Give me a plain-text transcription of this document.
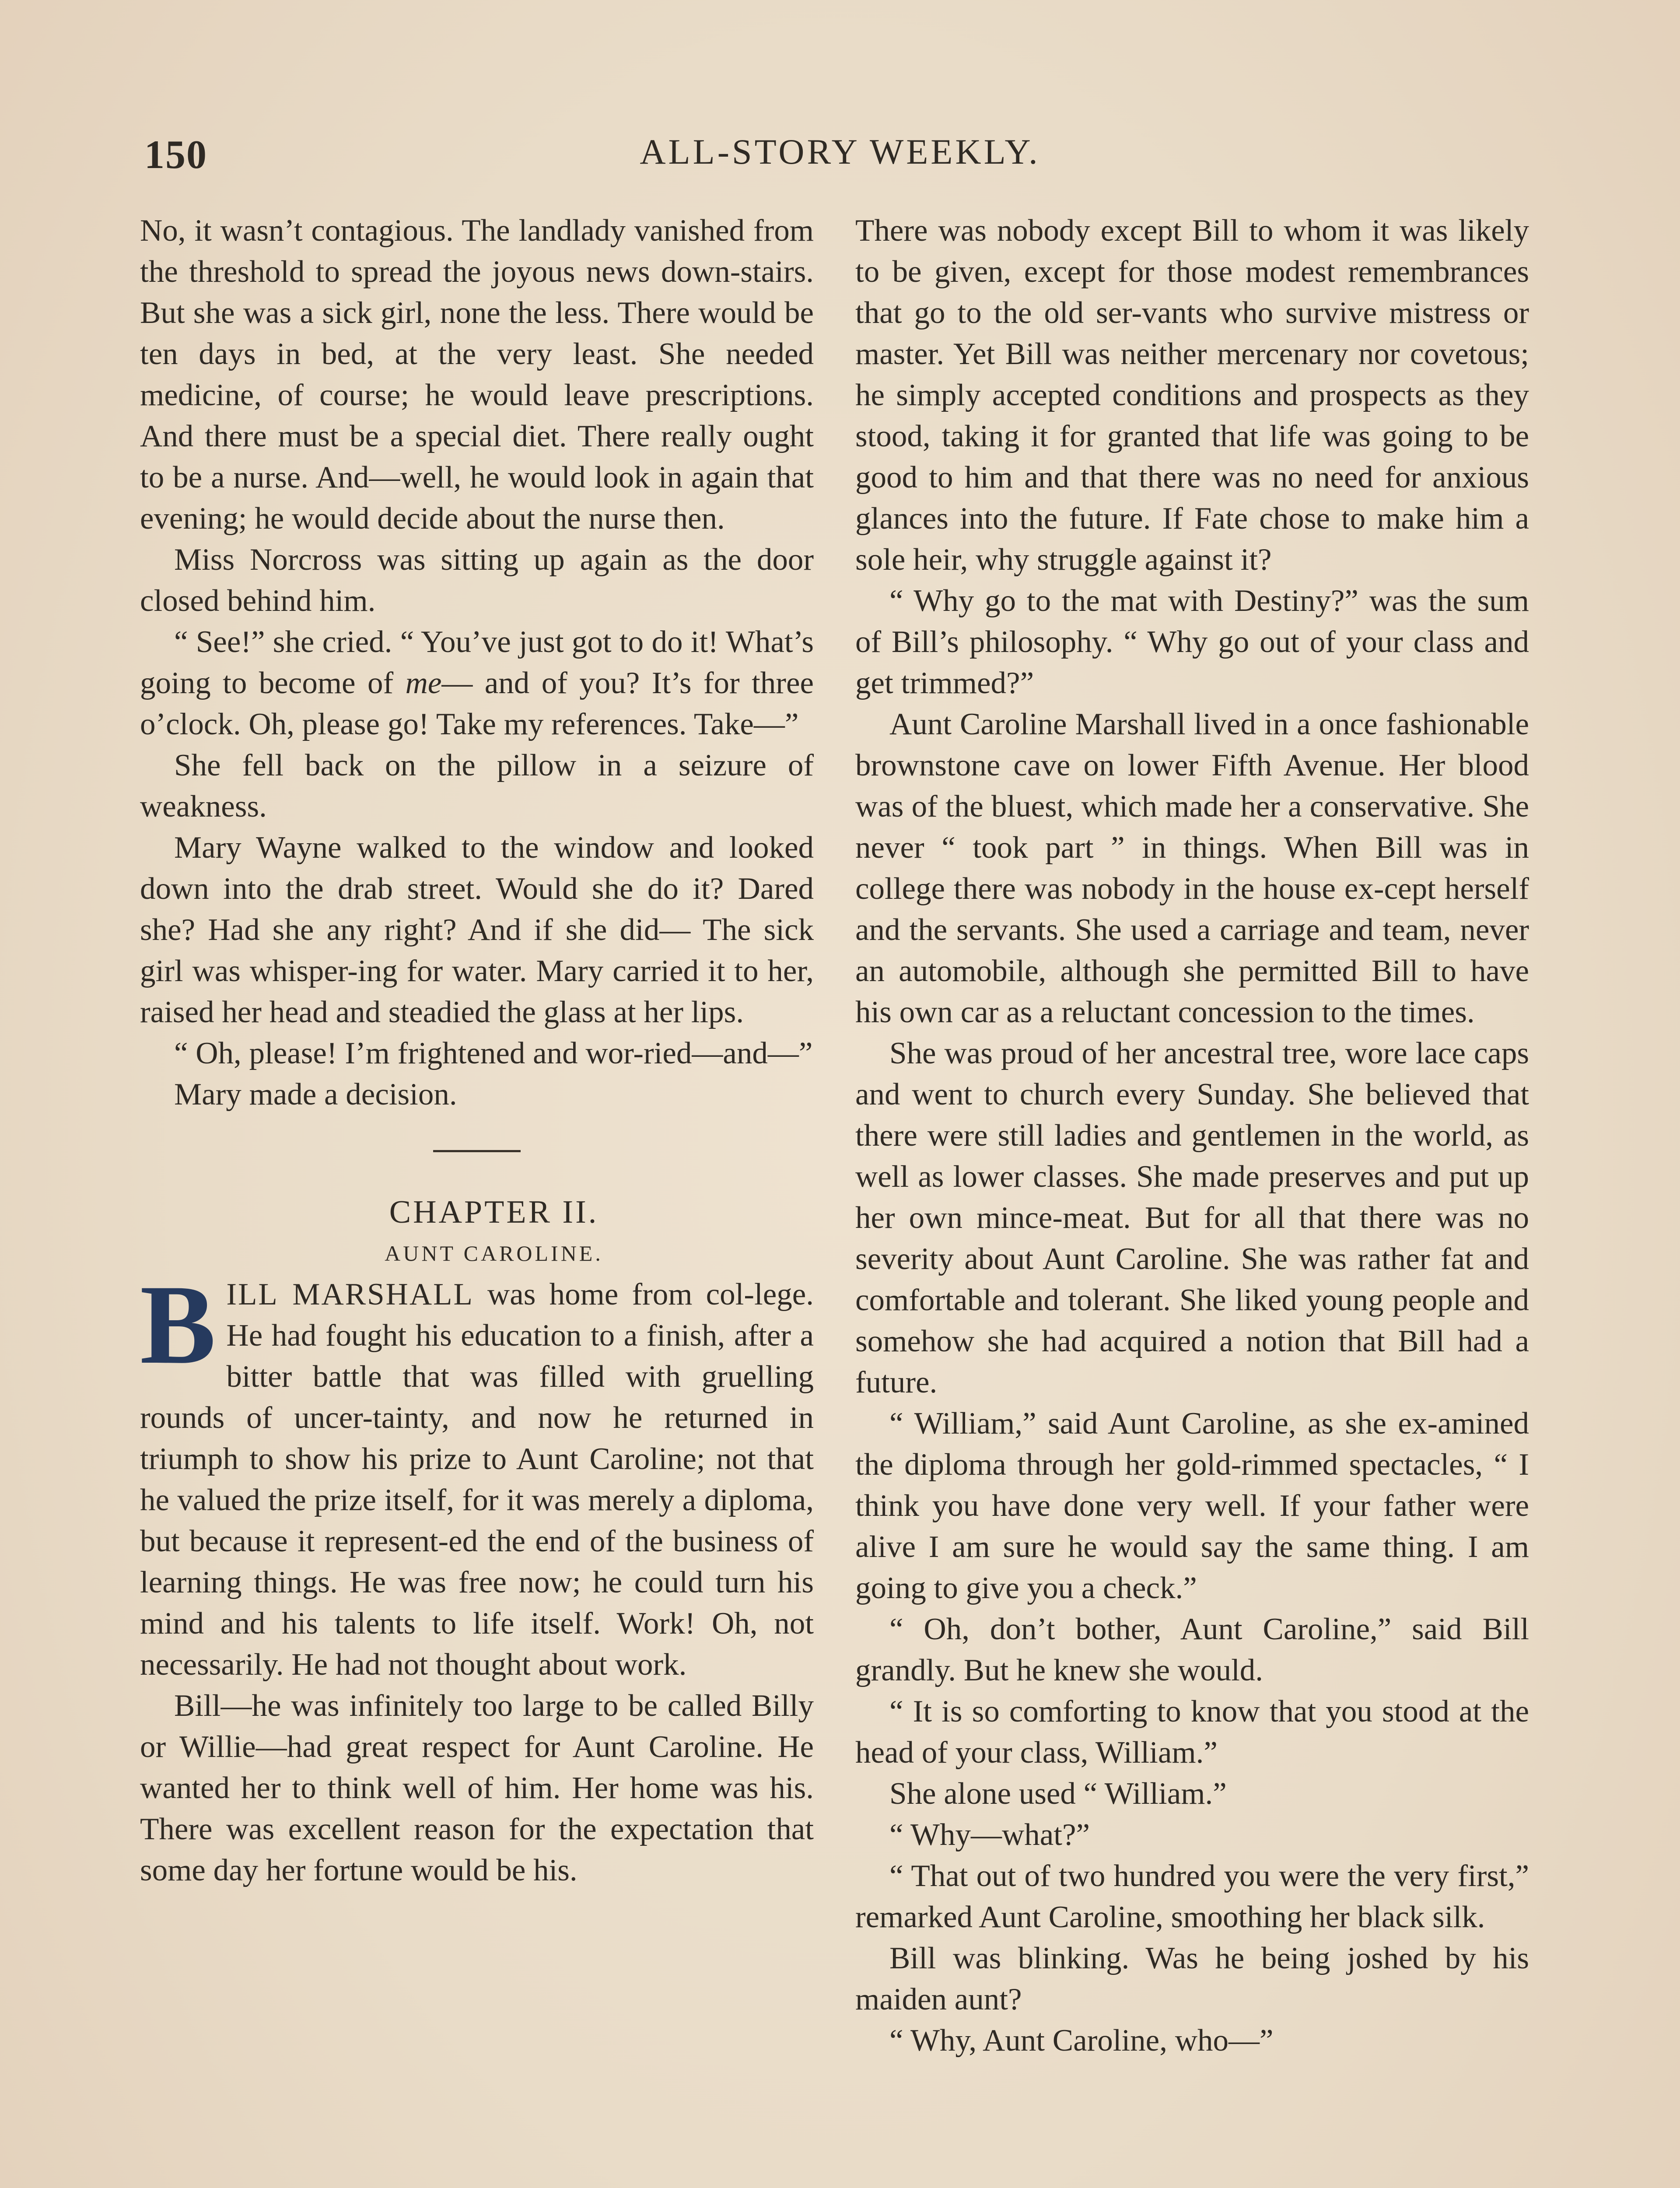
150	ALL-STORY WEEKLY.

No, it wasn’t contagious. The landlady vanished from the threshold to spread the joyous news down-stairs. But she was a sick girl, none the less. There would be ten days in bed, at the very least. She needed medicine, of course; he would leave prescriptions. And there must be a special diet. There really ought to be a nurse. And—well, he would look in again that evening; he would decide about the nurse then.

Miss Norcross was sitting up again as the door closed behind him.

“ See!” she cried. “ You’ve just got to do it! What’s going to become of me— and of you? It’s for three o’clock. Oh, please go! Take my references. Take—”

She fell back on the pillow in a seizure of weakness.

Mary Wayne walked to the window and looked down into the drab street. Would she do it? Dared she? Had she any right? And if she did— The sick girl was whisper-ing for water. Mary carried it to her, raised her head and steadied the glass at her lips.

“ Oh, please! I’m frightened and wor-ried—and—”

Mary made a decision.

CHAPTER II.

AUNT CAROLINE.

BILL MARSHALL was home from col-lege. He had fought his education to a finish, after a bitter battle that was filled with gruelling rounds of uncer-tainty, and now he returned in triumph to show his prize to Aunt Caroline; not that he valued the prize itself, for it was merely a diploma, but because it represent-ed the end of the business of learning things. He was free now; he could turn his mind and his talents to life itself. Work! Oh, not necessarily. He had not thought about work.

Bill—he was infinitely too large to be called Billy or Willie—had great respect for Aunt Caroline. He wanted her to think well of him. Her home was his. There was excellent reason for the expectation that some day her fortune would be his.

There was nobody except Bill to whom it was likely to be given, except for those modest remembrances that go to the old ser-vants who survive mistress or master. Yet Bill was neither mercenary nor covetous; he simply accepted conditions and prospects as they stood, taking it for granted that life was going to be good to him and that there was no need for anxious glances into the future. If Fate chose to make him a sole heir, why struggle against it?

“ Why go to the mat with Destiny?” was the sum of Bill’s philosophy. “ Why go out of your class and get trimmed?”

Aunt Caroline Marshall lived in a once fashionable brownstone cave on lower Fifth Avenue. Her blood was of the bluest, which made her a conservative. She never “ took part ” in things. When Bill was in college there was nobody in the house ex-cept herself and the servants. She used a carriage and team, never an automobile, although she permitted Bill to have his own car as a reluctant concession to the times.

She was proud of her ancestral tree, wore lace caps and went to church every Sunday. She believed that there were still ladies and gentlemen in the world, as well as lower classes. She made preserves and put up her own mince-meat. But for all that there was no severity about Aunt Caroline. She was rather fat and comfortable and tolerant. She liked young people and somehow she had acquired a notion that Bill had a future.

“ William,” said Aunt Caroline, as she ex-amined the diploma through her gold-rimmed spectacles, “ I think you have done very well. If your father were alive I am sure he would say the same thing. I am going to give you a check.”

“ Oh, don’t bother, Aunt Caroline,” said Bill grandly. But he knew she would.

“ It is so comforting to know that you stood at the head of your class, William.”

She alone used “ William.”

“ Why—what?”

“ That out of two hundred you were the very first,” remarked Aunt Caroline, smoothing her black silk.

Bill was blinking. Was he being joshed by his maiden aunt?

“ Why, Aunt Caroline, who—”
